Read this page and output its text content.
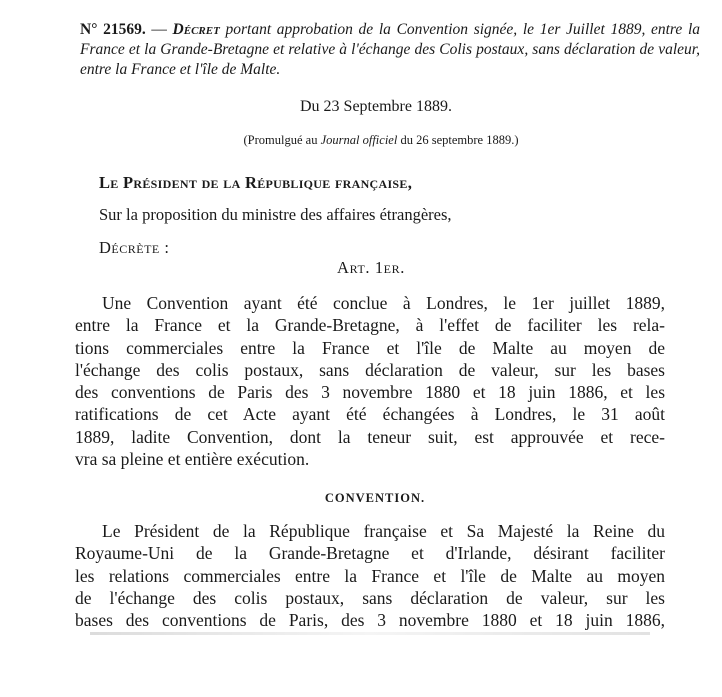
N° 21569. — Décret portant approbation de la Convention signée, le 1er Juillet 1889, entre la France et la Grande-Bretagne et relative à l'échange des Colis postaux, sans déclaration de valeur, entre la France et l'île de Malte.
Du 23 Septembre 1889.
(Promulgué au Journal officiel du 26 septembre 1889.)
Le Président de la République française,
Sur la proposition du ministre des affaires étrangères,
Décrète :
Art. 1er.
Une Convention ayant été conclue à Londres, le 1er juillet 1889,
entre la France et la Grande-Bretagne, à l'effet de faciliter les rela-
tions commerciales entre la France et l'île de Malte au moyen de
l'échange des colis postaux, sans déclaration de valeur, sur les bases
des conventions de Paris des 3 novembre 1880 et 18 juin 1886, et les
ratifications de cet Acte ayant été échangées à Londres, le 31 août
1889, ladite Convention, dont la teneur suit, est approuvée et rece-
vra sa pleine et entière exécution.
CONVENTION.
Le Président de la République française et Sa Majesté la Reine du
Royaume-Uni de la Grande-Bretagne et d'Irlande, désirant faciliter
les relations commerciales entre la France et l'île de Malte au moyen
de l'échange des colis postaux, sans déclaration de valeur, sur les
bases des conventions de Paris, des 3 novembre 1880 et 18 juin 1886,
